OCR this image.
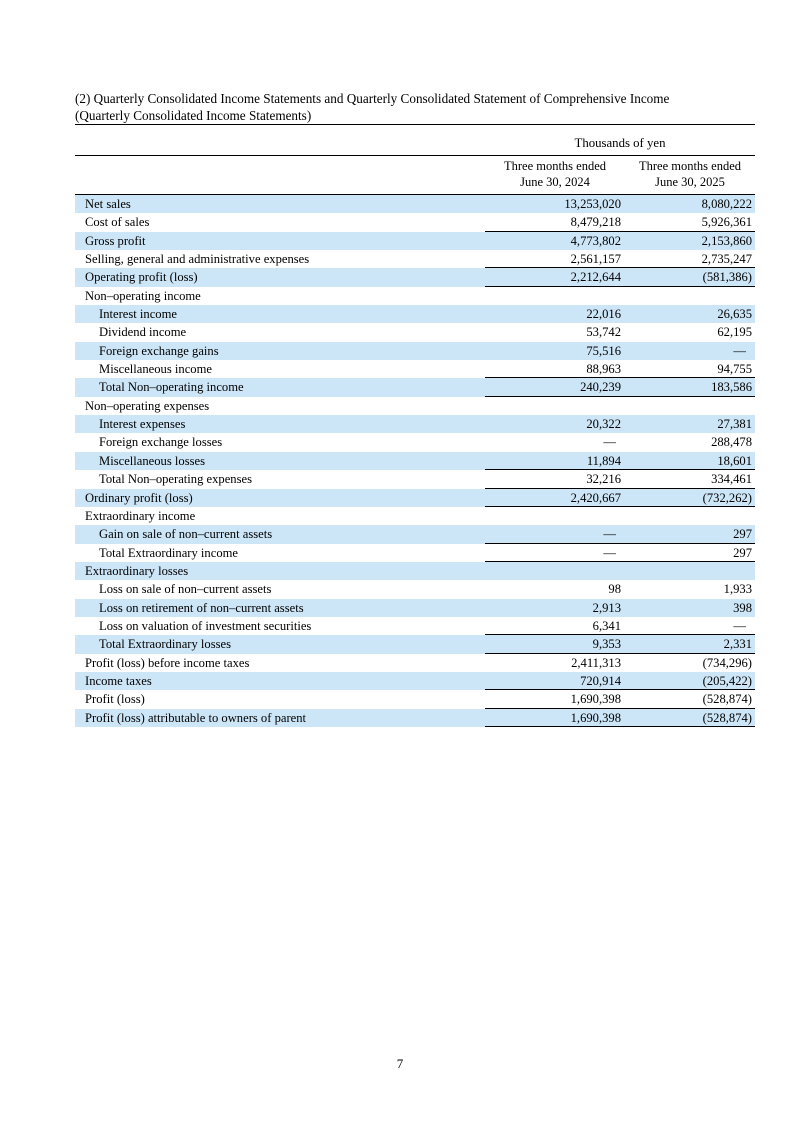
(2) Quarterly Consolidated Income Statements and Quarterly Consolidated Statement of Comprehensive Income
(Quarterly Consolidated Income Statements)
Thousands of yen
Three months ended
June 30, 2024
Three months ended
June 30, 2025
Net sales	13,253,020	8,080,222
Cost of sales	8,479,218	5,926,361
Gross profit	4,773,802	2,153,860
Selling, general and administrative expenses	2,561,157	2,735,247
Operating profit (loss)	2,212,644	(581,386)
Non–operating income
Interest income	22,016	26,635
Dividend income	53,742	62,195
Foreign exchange gains	75,516	—
Miscellaneous income	88,963	94,755
Total Non–operating income	240,239	183,586
Non–operating expenses
Interest expenses	20,322	27,381
Foreign exchange losses	—	288,478
Miscellaneous losses	11,894	18,601
Total Non–operating expenses	32,216	334,461
Ordinary profit (loss)	2,420,667	(732,262)
Extraordinary income
Gain on sale of non–current assets	—	297
Total Extraordinary income	—	297
Extraordinary losses
Loss on sale of non–current assets	98	1,933
Loss on retirement of non–current assets	2,913	398
Loss on valuation of investment securities	6,341	—
Total Extraordinary losses	9,353	2,331
Profit (loss) before income taxes	2,411,313	(734,296)
Income taxes	720,914	(205,422)
Profit (loss)	1,690,398	(528,874)
Profit (loss) attributable to owners of parent	1,690,398	(528,874)
7
